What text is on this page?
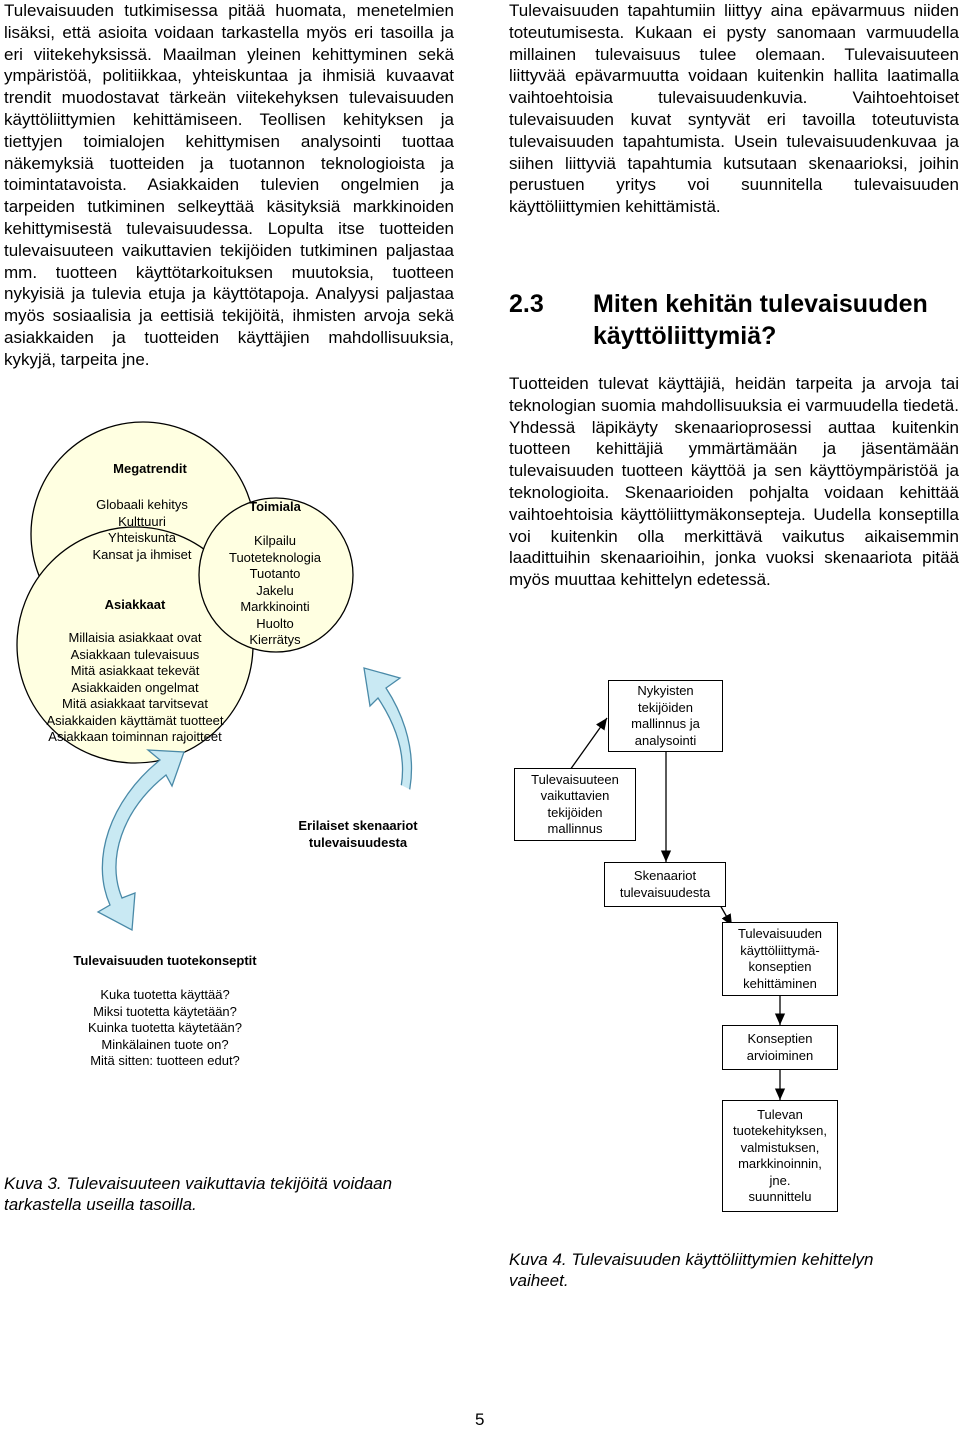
Tulevaisuuden tutkimisessa pitää huomata, menetelmien lisäksi, että asioita voidaan tarkastella myös eri tasoilla ja eri viitekehyksissä. Maailman yleinen kehittyminen sekä ympäristöä, politiikkaa, yhteiskuntaa ja ihmisiä kuvaavat trendit muodostavat tärkeän viitekehyksen tulevaisuuden käyttöliittymien kehittämiseen. Teollisen kehityksen ja tiettyjen toimialojen kehittymisen analysointi tuottaa näkemyksiä tuotteiden ja tuotannon teknologioista ja toimintatavoista. Asiakkaiden tulevien ongelmien ja tarpeiden tutkiminen selkeyttää käsityksiä markkinoiden kehittymisestä tulevaisuudessa. Lopulta itse tuotteiden tulevaisuuteen vaikuttavien tekijöiden tutkiminen paljastaa mm. tuotteen käyttötarkoituksen muutoksia, tuotteen nykyisiä ja tulevia etuja ja käyttötapoja. Analyysi paljastaa myös sosiaalisia ja eettisiä tekijöitä, ihmisten arvoja sekä asiakkaiden ja tuotteiden käyttäjien mahdollisuuksia, kykyjä, tarpeita jne.

Tulevaisuuden tapahtumiin liittyy aina epävarmuus niiden toteutumisesta. Kukaan ei pysty sanomaan varmuudella millainen tulevaisuus tulee olemaan. Tulevaisuuteen liittyvää epävarmuutta voidaan kuitenkin hallita laatimalla vaihtoehtoisia tulevaisuudenkuvia. Vaihtoehtoiset tulevaisuuden kuvat syntyvät eri tavoilla toteutuvista tulevaisuuden tapahtumista. Usein tulevaisuudenkuvaa ja siihen liittyviä tapahtumia kutsutaan skenaarioksi, joihin perustuen yritys voi suunnitella tulevaisuuden käyttöliittymien kehittämistä.

2.3 Miten kehitän tulevaisuuden käyttöliittymiä?

Tuotteiden tulevat käyttäjiä, heidän tarpeita ja arvoja tai teknologian suomia mahdollisuuksia ei varmuudella tiedetä. Yhdessä läpikäyty skenaarioprosessi auttaa kuitenkin tuotteen kehittäjiä ymmärtämään ja jäsentämään tulevaisuuden tuotteen käyttöä ja sen käyttöympäristöä ja teknologioita. Skenaarioiden pohjalta voidaan kehittää vaihtoehtoisia käyttöliittymäkonsepteja. Uudella konseptilla voi kuitenkin olla merkittävä vaikutus aikaisemmin laadittuihin skenaarioihin, jonka vuoksi skenaariota pitää myös muuttaa kehittelyn edetessä.

Megatrendit
Globaali kehitys
Kulttuuri
Yhteiskunta
Kansat ja ihmiset
Toimiala
Kilpailu
Tuoteteknologia
Tuotanto
Jakelu
Markkinointi
Huolto
Kierrätys
Asiakkaat
Millaisia asiakkaat ovat
Asiakkaan tulevaisuus
Mitä asiakkaat tekevät
Asiakkaiden ongelmat
Mitä asiakkaat tarvitsevat
Asiakkaiden käyttämät tuotteet
Asiakkaan toiminnan rajoitteet
Erilaiset skenaariot
tulevaisuudesta
Tulevaisuuden tuotekonseptit
Kuka tuotetta käyttää?
Miksi tuotetta käytetään?
Kuinka tuotetta käytetään?
Minkälainen tuote on?
Mitä sitten: tuotteen edut?
Kuva 3. Tulevaisuuteen vaikuttavia tekijöitä voidaan
tarkastella useilla tasoilla.
Nykyisten
tekijöiden
mallinnus ja
analysointi
Tulevaisuuteen
vaikuttavien
tekijöiden
mallinnus
Skenaariot
tulevaisuudesta
Tulevaisuuden
käyttöliittymä-
konseptien
kehittäminen
Konseptien
arvioiminen
Tulevan
tuotekehityksen,
valmistuksen,
markkinoinnin,
jne.
suunnittelu
Kuva 4. Tulevaisuuden käyttöliittymien kehittelyn
vaiheet.
5
